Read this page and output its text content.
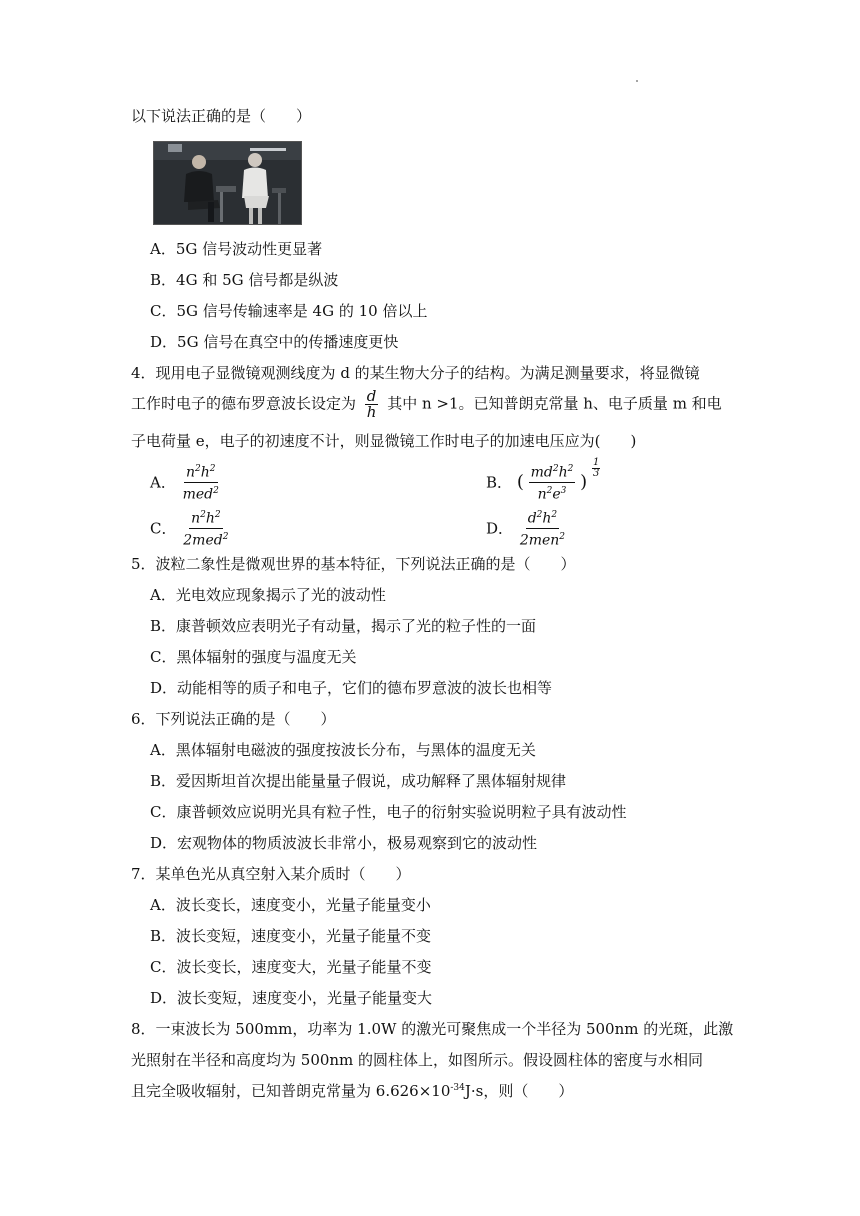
以下说法正确的是（　　）
A．5G 信号波动性更显著
B．4G 和 5G 信号都是纵波
C．5G 信号传输速率是 4G 的 10 倍以上
D．5G 信号在真空中的传播速度更快
4．现用电子显微镜观测线度为 d 的某生物大分子的结构。为满足测量要求，将显微镜
工作时电子的德布罗意波长设定为 $\frac{d}{h}$ 其中 n >1。已知普朗克常量 h、电子质量 m 和电
子电荷量 e，电子的初速度不计，则显微镜工作时电子的加速电压应为(　　)
A． $\frac{n^2h^2}{med^2}$	B． ( $\frac{md^2h^2}{n^2e^3}$ )
$\frac{1}{3}$
C． $\frac{n^2h^2}{2med^2}$	D． $\frac{d^2h^2}{2men^2}$
5．波粒二象性是微观世界的基本特征，下列说法正确的是（　　）
A．光电效应现象揭示了光的波动性
B．康普顿效应表明光子有动量，揭示了光的粒子性的一面
C．黑体辐射的强度与温度无关
D．动能相等的质子和电子，它们的德布罗意波的波长也相等
6．下列说法正确的是（　　）
A．黑体辐射电磁波的强度按波长分布，与黑体的温度无关
B．爱因斯坦首次提出能量量子假说，成功解释了黑体辐射规律
C．康普顿效应说明光具有粒子性，电子的衍射实验说明粒子具有波动性
D．宏观物体的物质波波长非常小，极易观察到它的波动性
7．某单色光从真空射入某介质时（　　）
A．波长变长，速度变小，光量子能量变小
B．波长变短，速度变小，光量子能量不变
C．波长变长，速度变大，光量子能量不变
D．波长变短，速度变小，光量子能量变大
8．一束波长为 500mm，功率为 1.0W 的激光可聚焦成一个半径为 500nm 的光斑，此激
光照射在半径和高度均为 500nm 的圆柱体上，如图所示。假设圆柱体的密度与水相同
且完全吸收辐射，已知普朗克常量为 $6.626\times 10^{-34}J\cdot s$，则（　　）
